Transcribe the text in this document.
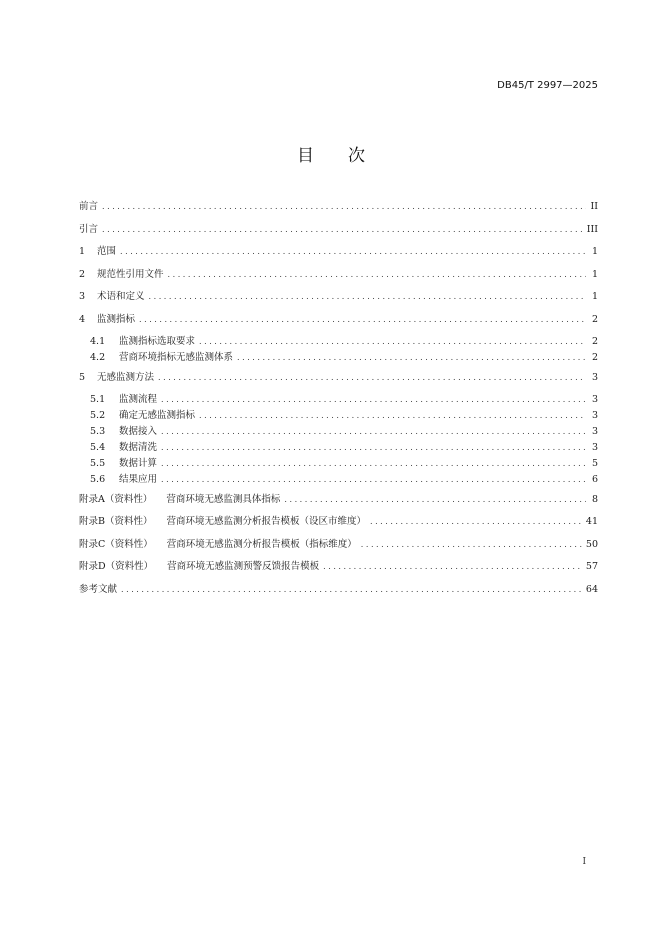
DB45/T 2997—2025
目次
前言 . . .	II
引言 . . .	III
1	范围 . . .	1
2	规范性引用文件 . . .	1
3	术语和定义 . . .	1
4	监测指标 . . .	2
4.1	监测指标选取要求 . . .	2
4.2	营商环境指标无感监测体系 . . .	2
5	无感监测方法 . . .	3
5.1	监测流程 . . .	3
5.2	确定无感监测指标 . . .	3
5.3	数据接入 . . .	3
5.4	数据清洗 . . .	3
5.5	数据计算 . . .	5
5.6	结果应用 . . .	6
附录A（资料性） 营商环境无感监测具体指标 . . .	8
附录B（资料性） 营商环境无感监测分析报告模板（设区市维度） . . .	41
附录C（资料性） 营商环境无感监测分析报告模板（指标维度） . . .	50
附录D（资料性） 营商环境无感监测预警反馈报告模板 . . .	57
参考文献 . . .	64
I
